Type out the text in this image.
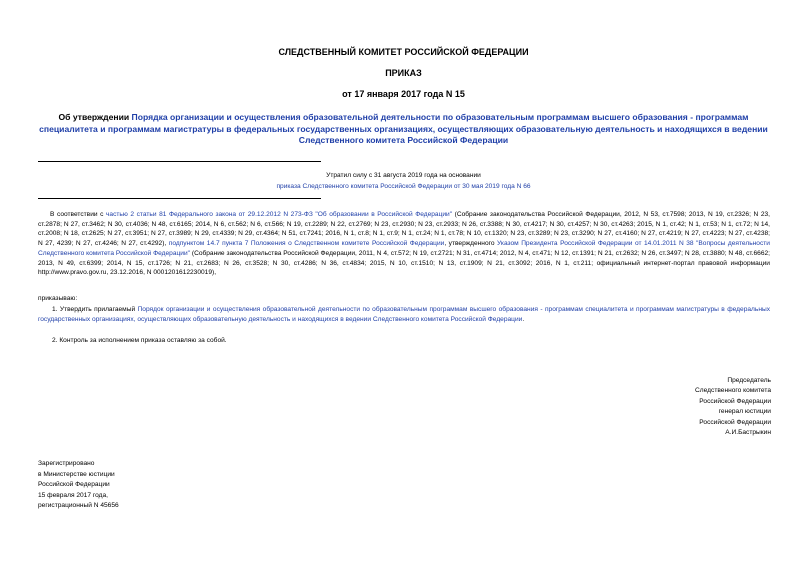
СЛЕДСТВЕННЫЙ КОМИТЕТ РОССИЙСКОЙ ФЕДЕРАЦИИ
ПРИКАЗ
от 17 января 2017 года N 15
Об утверждении Порядка организации и осуществления образовательной деятельности по образовательным программам высшего образования - программам специалитета и программам магистратуры в федеральных государственных организациях, осуществляющих образовательную деятельность и находящихся в ведении Следственного комитета Российской Федерации
Утратил силу с 31 августа 2019 года на основании
приказа Следственного комитета Российской Федерации от 30 мая 2019 года N 66
В соответствии с частью 2 статьи 81 Федерального закона от 29.12.2012 N 273-ФЗ "Об образовании в Российской Федерации" (Собрание законодательства Российской Федерации, 2012, N 53, ст.7598; 2013, N 19, ст.2326; N 23, ст.2878; N 27, ст.3462; N 30, ст.4036; N 48, ст.6165; 2014, N 6, ст.562; N 6, ст.566; N 19, ст.2289; N 22, ст.2769; N 23, ст.2930; N 23, ст.2933; N 26, ст.3388; N 30, ст.4217; N 30, ст.4257; N 30, ст.4263; 2015, N 1, ст.42; N 1, ст.53; N 1, ст.72; N 14, ст.2008; N 18, ст.2625; N 27, ст.3951; N 27, ст.3989; N 29, ст.4339; N 29, ст.4364; N 51, ст.7241; 2016, N 1, ст.8; N 1, ст.9; N 1, ст.24; N 1, ст.78; N 10, ст.1320; N 23, ст.3289; N 23, ст.3290; N 27, ст.4160; N 27, ст.4219; N 27, ст.4223; N 27, ст.4238; N 27, 4239; N 27, ст.4246; N 27, ст.4292), подпунктом 14.7 пункта 7 Положения о Следственном комитете Российской Федерации, утвержденного Указом Президента Российской Федерации от 14.01.2011 N 38 "Вопросы деятельности Следственного комитета Российской Федерации" (Собрание законодательства Российской Федерации, 2011, N 4, ст.572; N 19, ст.2721; N 31, ст.4714; 2012, N 4, ст.471; N 12, ст.1391; N 21, ст.2632; N 26, ст.3497; N 28, ст.3880; N 48, ст.6662; 2013, N 49, ст.6399; 2014, N 15, ст.1726; N 21, ст.2683; N 26, ст.3528; N 30, ст.4286; N 36, ст.4834; 2015, N 10, ст.1510; N 13, ст.1909; N 21, ст.3092; 2016, N 1, ст.211; официальный интернет-портал правовой информации http://www.pravo.gov.ru, 23.12.2016, N 0001201612230019),
приказываю:
1. Утвердить прилагаемый Порядок организации и осуществления образовательной деятельности по образовательным программам высшего образования - программам специалитета и программам магистратуры в федеральных государственных организациях, осуществляющих образовательную деятельность и находящихся в ведении Следственного комитета Российской Федерации.
2. Контроль за исполнением приказа оставляю за собой.
Председатель
Следственного комитета
Российской Федерации
генерал юстиции
Российской Федерации
А.И.Бастрыкин
Зарегистрировано
в Министерстве юстиции
Российской Федерации
15 февраля 2017 года,
регистрационный N 45656
